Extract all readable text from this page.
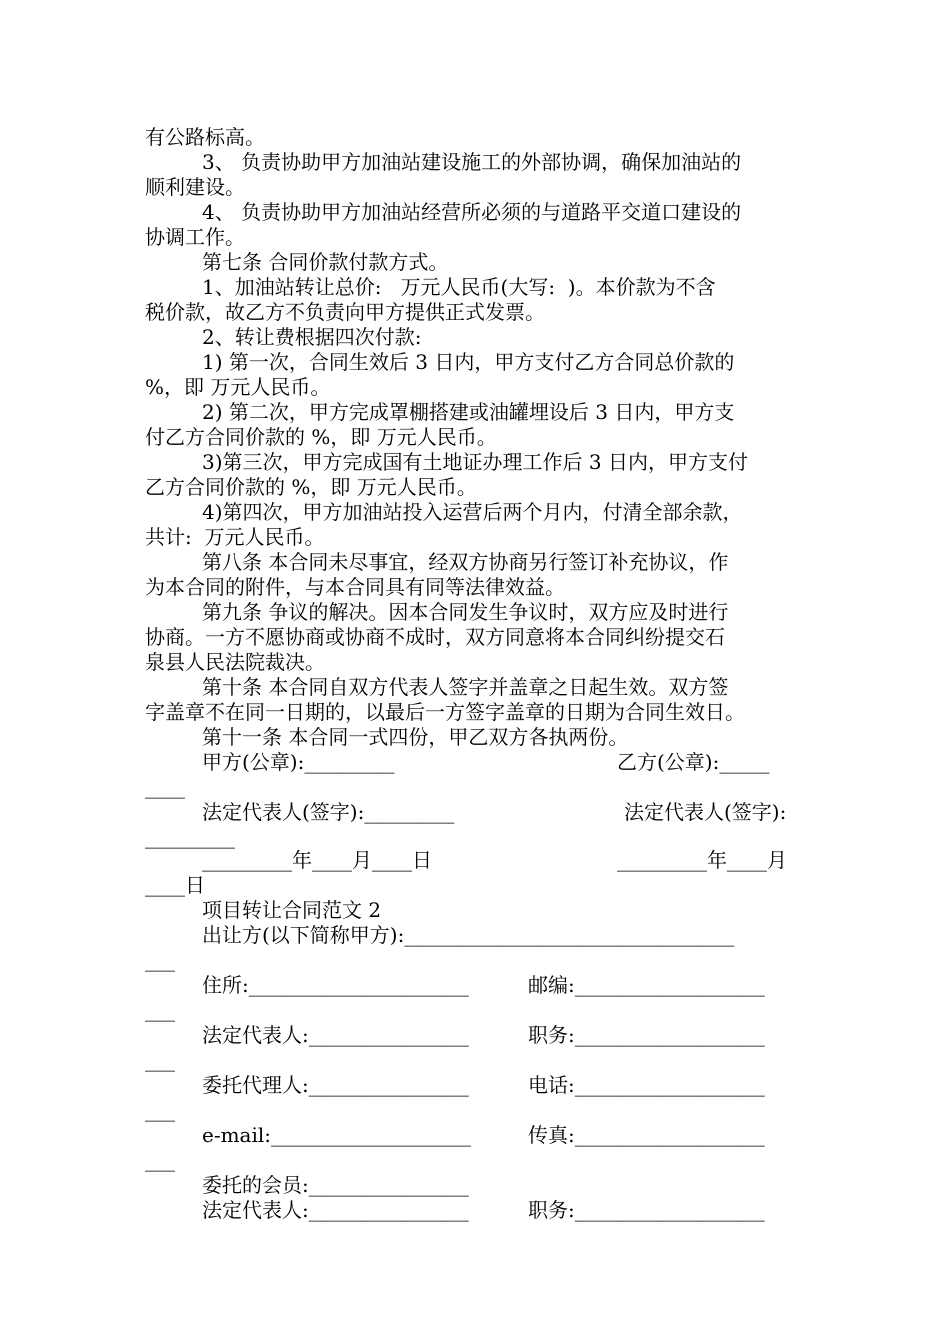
有公路标高。
3、 负责协助甲方加油站建设施工的外部协调，确保加油站的
顺利建设。
4、 负责协助甲方加油站经营所必须的与道路平交道口建设的
协调工作。
第七条 合同价款付款方式。
1、加油站转让总价:   万元人民币(大写:  )。本价款为不含
税价款，故乙方不负责向甲方提供正式发票。
2、转让费根据四次付款:
1) 第一次，合同生效后 3 日内，甲方支付乙方合同总价款的
%，即 万元人民币。
2) 第二次，甲方完成罩棚搭建或油罐埋设后 3 日内，甲方支
付乙方合同价款的 %，即 万元人民币。
3)第三次，甲方完成国有土地证办理工作后 3 日内，甲方支付
乙方合同价款的 %，即 万元人民币。
4)第四次，甲方加油站投入运营后两个月内，付清全部余款，
共计:  万元人民币。
第八条 本合同未尽事宜，经双方协商另行签订补充协议，作
为本合同的附件，与本合同具有同等法律效益。
第九条 争议的解决。因本合同发生争议时，双方应及时进行
协商。一方不愿协商或协商不成时，双方同意将本合同纠纷提交石
泉县人民法院裁决。
第十条 本合同自双方代表人签字并盖章之日起生效。双方签
字盖章不在同一日期的，以最后一方签字盖章的日期为合同生效日。
第十一条 本合同一式四份，甲乙双方各执两份。
甲方(公章):_________	乙方(公章):_____
____
法定代表人(签字):_________	法定代表人(签字):
_________
_________年____月____日	_________年____月
____日
项目转让合同范文 2
出让方(以下简称甲方):_________________________________
___
住所:______________________	邮编:___________________
___
法定代表人:________________	职务:___________________
___
委托代理人:________________	电话:___________________
___
e-mail:____________________	传真:___________________
___
委托的会员:________________
法定代表人:________________	职务:___________________
